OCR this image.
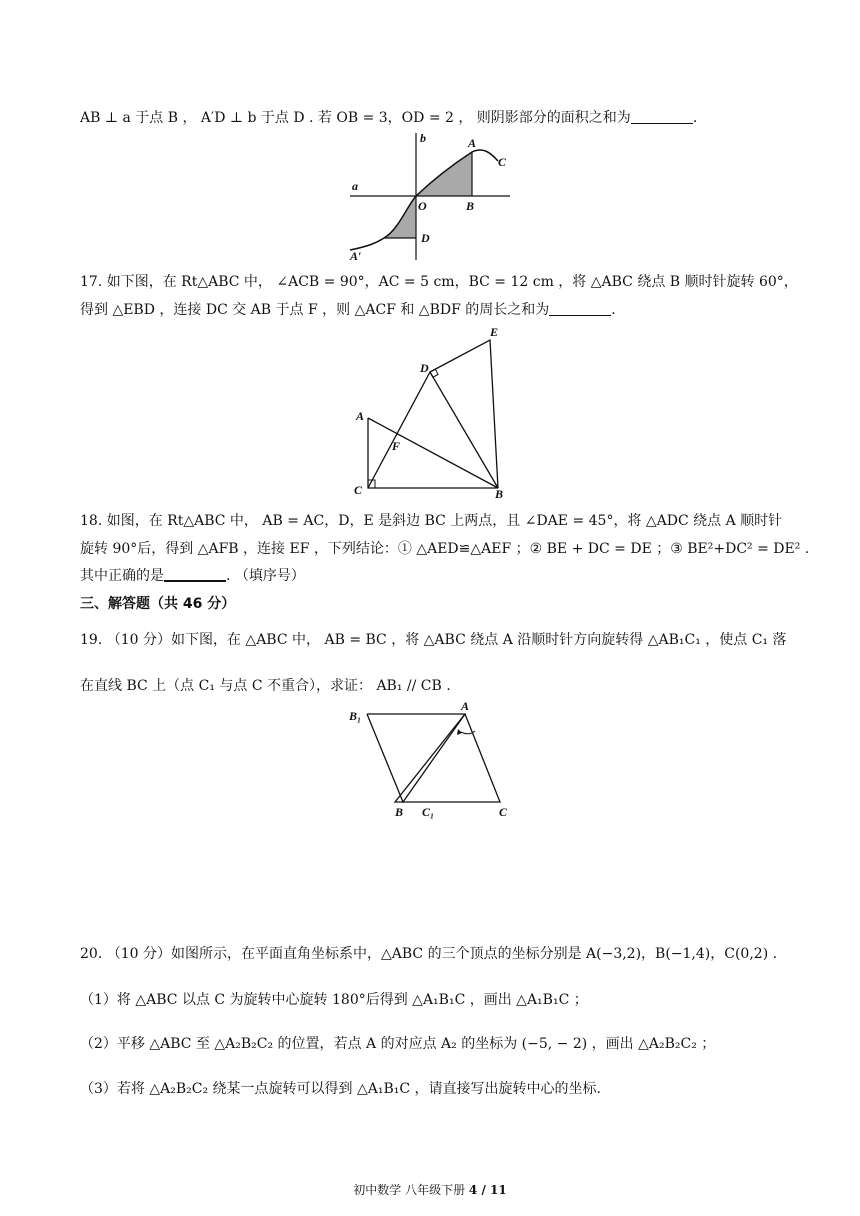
AB ⊥ a 于点 B ， A′D ⊥ b 于点 D . 若 OB = 3，OD = 2 ， 则阴影部分的面积之和为	.
b
a
A
C
O	B
D
A′
17. 如下图，在 Rt△ABC 中， ∠ACB = 90°，AC = 5 cm，BC = 12 cm ，将 △ABC 绕点 B 顺时针旋转 60°，
得到 △EBD ，连接 DC 交 AB 于点 F ，则 △ACF 和 △BDF 的周长之和为	.
E
D
A
F
C	B
18. 如图，在 Rt△ABC 中， AB = AC，D，E 是斜边 BC 上两点，且 ∠DAE = 45°，将 △ADC 绕点 A 顺时针
旋转 90°后，得到 △AFB ，连接 EF ，下列结论：① △AED≌△AEF ；② BE + DC = DE ；③ BE²+DC² = DE² .
其中正确的是	. （填序号）
三、解答题（共 46 分）
19. （10 分）如下图，在 △ABC 中， AB = BC ，将 △ABC 绕点 A 沿顺时针方向旋转得 △AB₁C₁ ，使点 C₁ 落
在直线 BC 上（点 C₁ 与点 C 不重合），求证： AB₁ // CB .
B₁
A
B C₁	C
20. （10 分）如图所示，在平面直角坐标系中，△ABC 的三个顶点的坐标分别是 A(−3,2)，B(−1,4)，C(0,2) .
（1）将 △ABC 以点 C 为旋转中心旋转 180°后得到 △A₁B₁C ，画出 △A₁B₁C ；
（2）平移 △ABC 至 △A₂B₂C₂ 的位置，若点 A 的对应点 A₂ 的坐标为 (−5, − 2) ，画出 △A₂B₂C₂ ；
（3）若将 △A₂B₂C₂ 绕某一点旋转可以得到 △A₁B₁C ，请直接写出旋转中心的坐标.
初中数学 八年级下册 4 / 11
